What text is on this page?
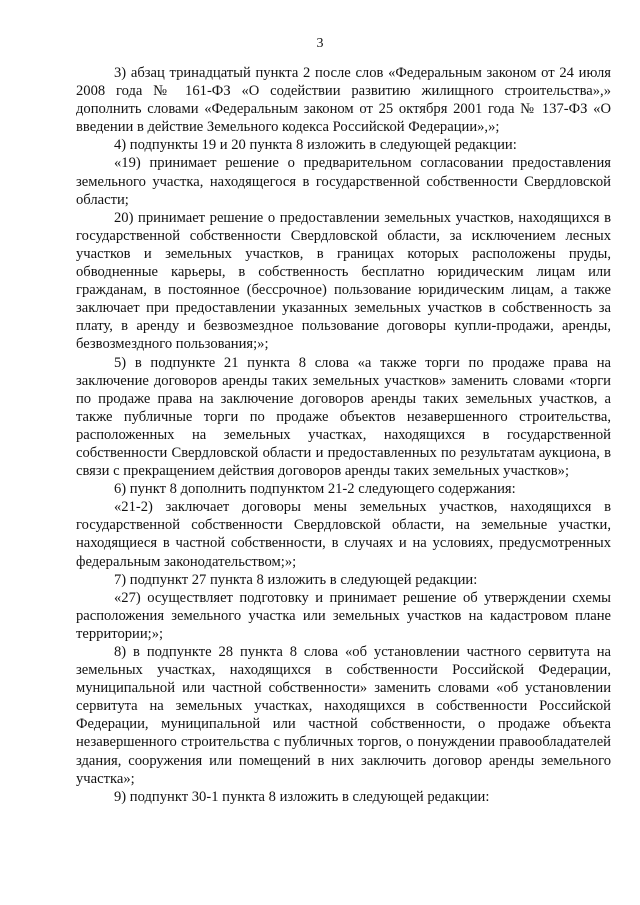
3

3) абзац тринадцатый пункта 2 после слов «Федеральным законом от 24 июля 2008 года № 161-ФЗ «О содействии развитию жилищного строительства»,» дополнить словами «Федеральным законом от 25 октября 2001 года № 137-ФЗ «О введении в действие Земельного кодекса Российской Федерации»,»;

4) подпункты 19 и 20 пункта 8 изложить в следующей редакции:

«19) принимает решение о предварительном согласовании предоставления земельного участка, находящегося в государственной собственности Свердловской области;

20) принимает решение о предоставлении земельных участков, находящихся в государственной собственности Свердловской области, за исключением лесных участков и земельных участков, в границах которых расположены пруды, обводненные карьеры, в собственность бесплатно юридическим лицам или гражданам, в постоянное (бессрочное) пользование юридическим лицам, а также заключает при предоставлении указанных земельных участков в собственность за плату, в аренду и безвозмездное пользование договоры купли-продажи, аренды, безвозмездного пользования;»;

5) в подпункте 21 пункта 8 слова «а также торги по продаже права на заключение договоров аренды таких земельных участков» заменить словами «торги по продаже права на заключение договоров аренды таких земельных участков, а также публичные торги по продаже объектов незавершенного строительства, расположенных на земельных участках, находящихся в государственной собственности Свердловской области и предоставленных по результатам аукциона, в связи с прекращением действия договоров аренды таких земельных участков»;

6) пункт 8 дополнить подпунктом 21-2 следующего содержания:

«21-2) заключает договоры мены земельных участков, находящихся в государственной собственности Свердловской области, на земельные участки, находящиеся в частной собственности, в случаях и на условиях, предусмотренных федеральным законодательством;»;

7) подпункт 27 пункта 8 изложить в следующей редакции:

«27) осуществляет подготовку и принимает решение об утверждении схемы расположения земельного участка или земельных участков на кадастровом плане территории;»;

8) в подпункте 28 пункта 8 слова «об установлении частного сервитута на земельных участках, находящихся в собственности Российской Федерации, муниципальной или частной собственности» заменить словами «об установлении сервитута на земельных участках, находящихся в собственности Российской Федерации, муниципальной или частной собственности, о продаже объекта незавершенного строительства с публичных торгов, о понуждении правообладателей здания, сооружения или помещений в них заключить договор аренды земельного участка»;

9) подпункт 30-1 пункта 8 изложить в следующей редакции:
